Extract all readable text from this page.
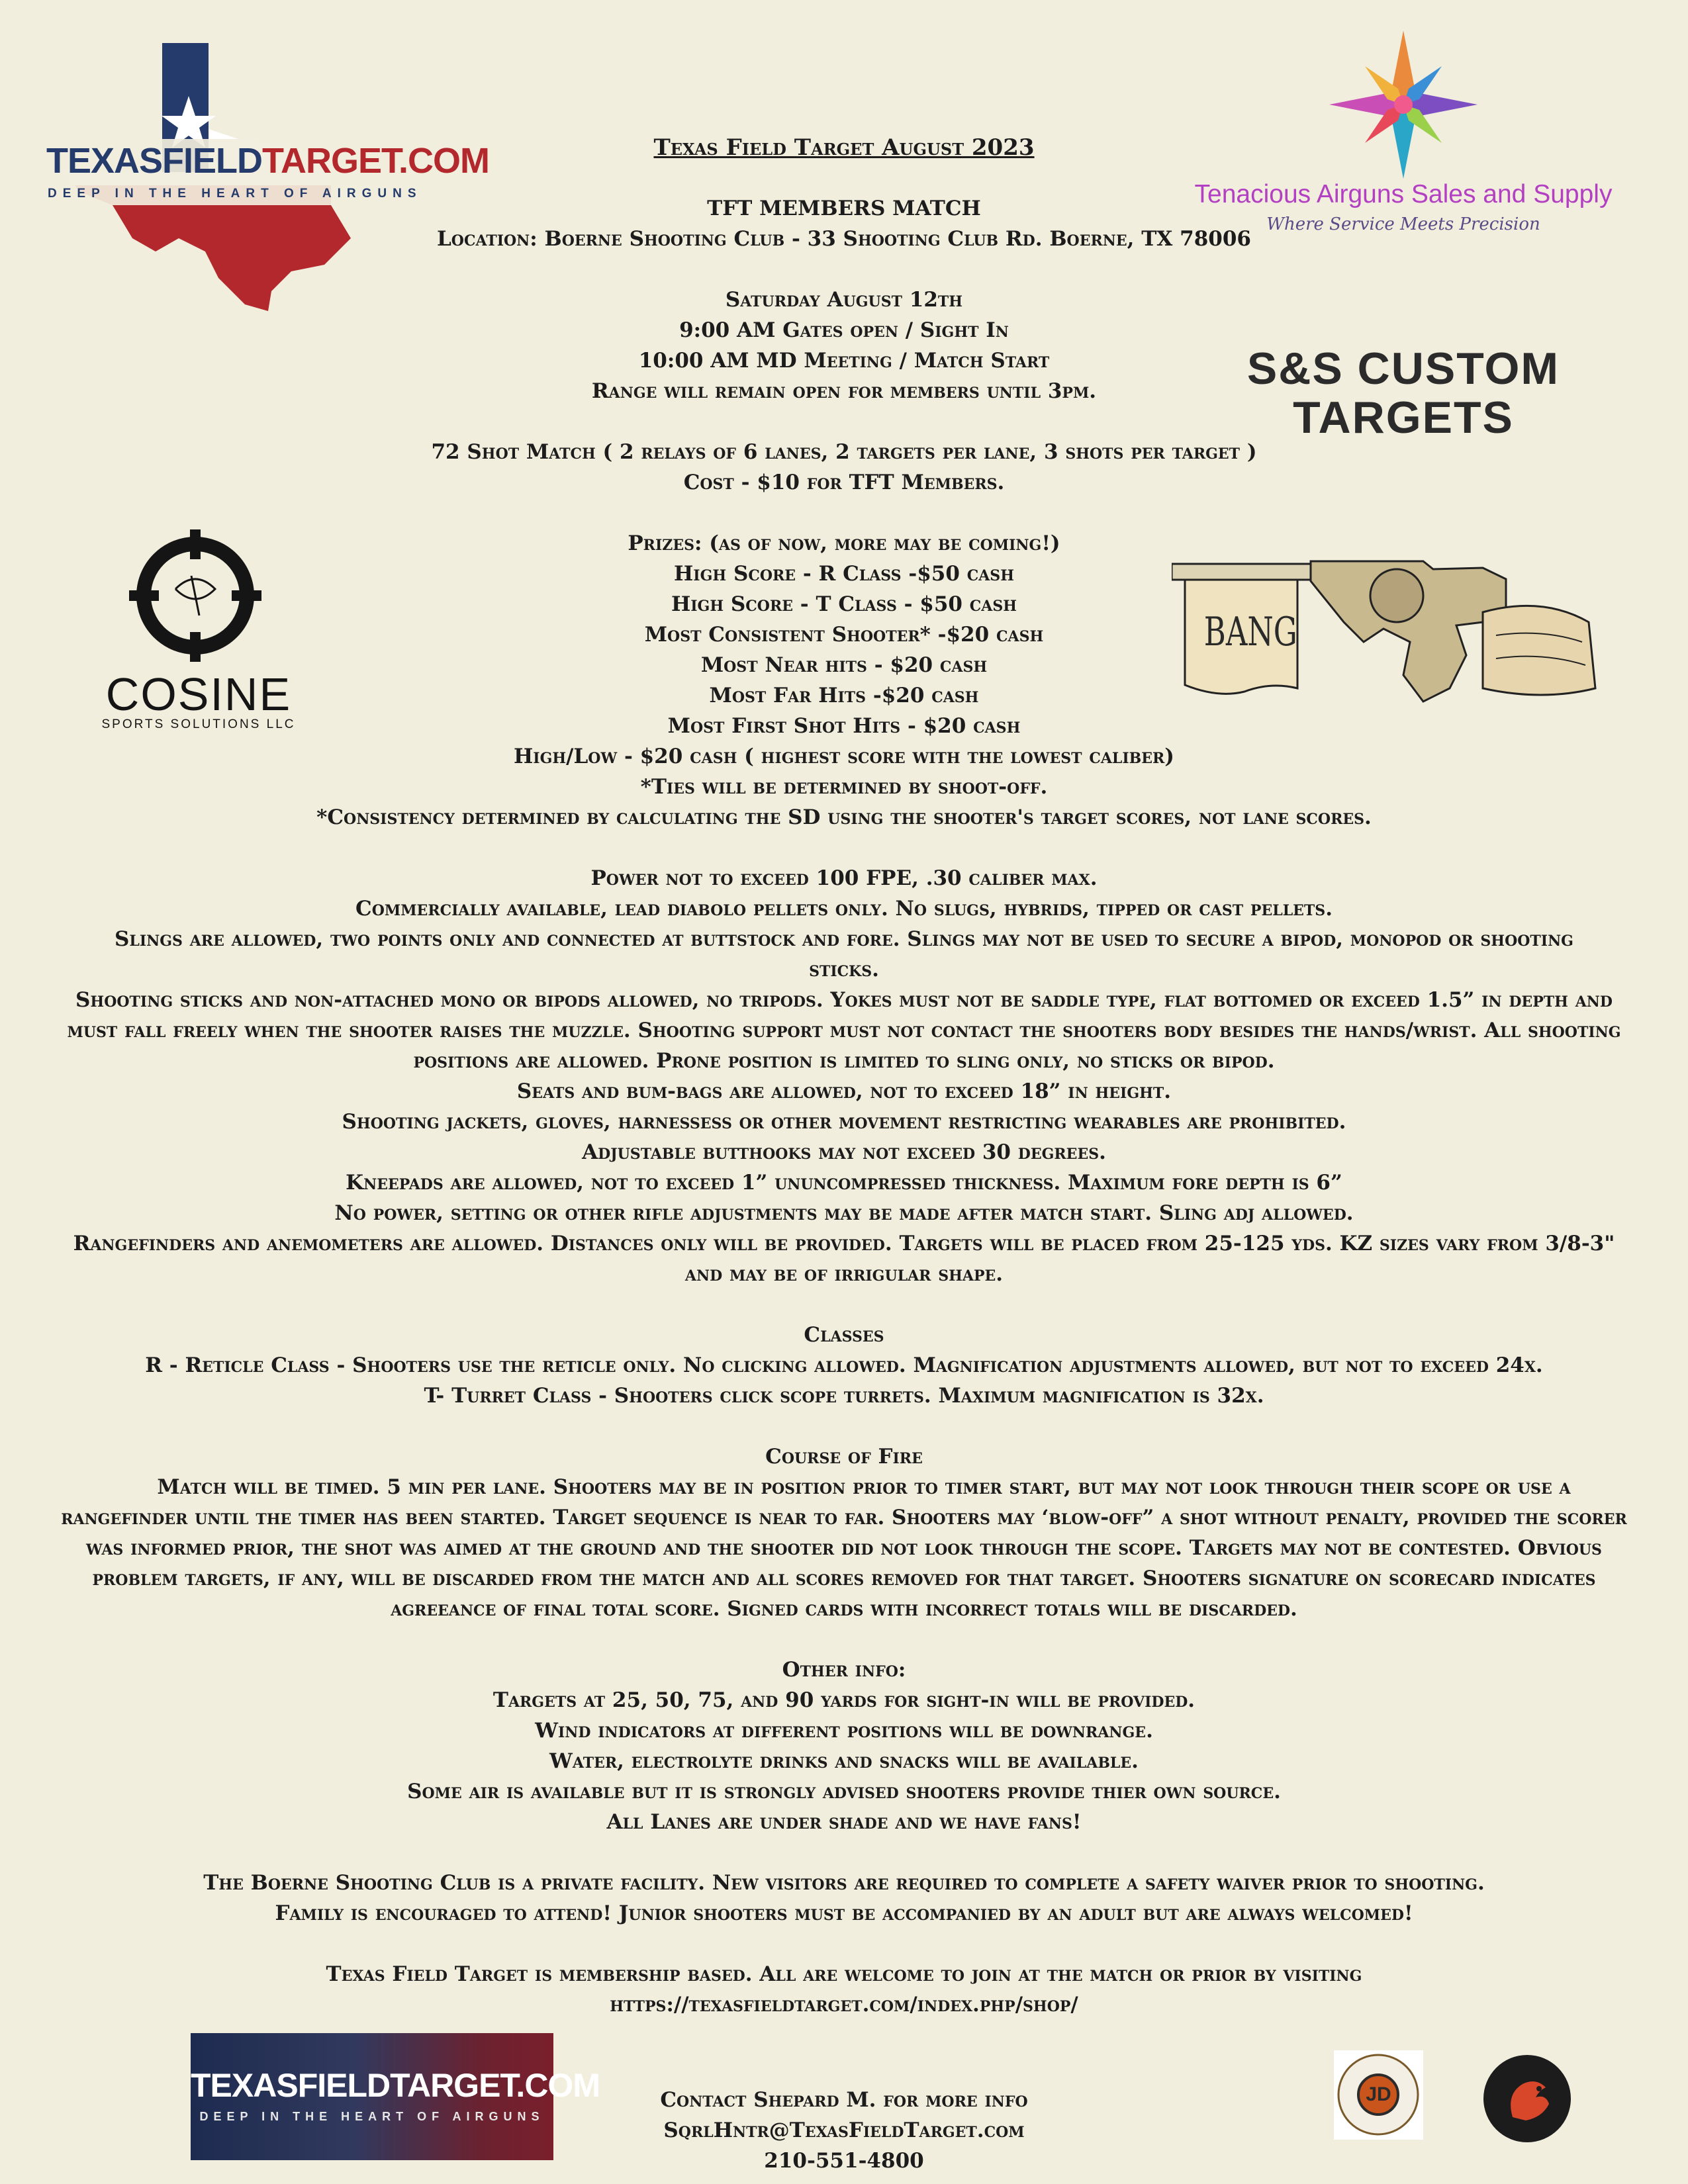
TEXASFIELDTARGET.COM
DEEP IN THE HEART OF AIRGUNS	Tenacious Airguns Sales and Supply
Where Service Meets Precision
S&S CUSTOM
TARGETS
COSINE
SPORTS SOLUTIONS LLC
BANG
TEXASFIELDTARGET.COM
DEEP IN THE HEART OF AIRGUNS
JD
Texas Field Target August 2023
TFT MEMBERS MATCH
Location: Boerne Shooting Club - 33 Shooting Club Rd. Boerne, TX 78006
Saturday August 12th
9:00 AM Gates open / Sight In
10:00 AM MD Meeting / Match Start
Range will remain open for members until 3pm.
72 Shot Match ( 2 relays of 6 lanes, 2 targets per lane, 3 shots per target )
Cost - $10 for TFT Members.
Prizes: (as of now, more may be coming!)
High Score - R Class -$50 cash
High Score - T Class - $50 cash
Most Consistent Shooter* -$20 cash
Most Near hits - $20 cash
Most Far Hits -$20 cash
Most First Shot Hits - $20 cash
High/Low - $20 cash ( highest score with the lowest caliber)
*Ties will be determined by shoot-off.
*Consistency determined by calculating the SD using the shooter's target scores, not lane scores.
Power not to exceed 100 FPE, .30 caliber max.
Commercially available, lead diabolo pellets only. No slugs, hybrids, tipped or cast pellets.
Slings are allowed, two points only and connected at buttstock and fore. Slings may not be used to secure a bipod, monopod or shooting sticks.
Shooting sticks and non-attached mono or bipods allowed, no tripods. Yokes must not be saddle type, flat bottomed or exceed 1.5” in depth and must fall freely when the shooter raises the muzzle. Shooting support must not contact the shooters body besides the hands/wrist. All shooting positions are allowed. Prone position is limited to sling only, no sticks or bipod.
Seats and bum-bags are allowed, not to exceed 18” in height.
Shooting jackets, gloves, harnessess or other movement restricting wearables are prohibited.
Adjustable butthooks may not exceed 30 degrees.
Kneepads are allowed, not to exceed 1” ununcompressed thickness. Maximum fore depth is 6”
No power, setting or other rifle adjustments may be made after match start. Sling adj allowed.
Rangefinders and anemometers are allowed. Distances only will be provided. Targets will be placed from 25-125 yds. KZ sizes vary from 3/8-3" and may be of irrigular shape.
Classes
R - Reticle Class - Shooters use the reticle only. No clicking allowed. Magnification adjustments allowed, but not to exceed 24x.
T- Turret Class - Shooters click scope turrets. Maximum magnification is 32x.
Course of Fire
Match will be timed. 5 min per lane. Shooters may be in position prior to timer start, but may not look through their scope or use a rangefinder until the timer has been started. Target sequence is near to far. Shooters may ‘blow-off” a shot without penalty, provided the scorer was informed prior, the shot was aimed at the ground and the shooter did not look through the scope. Targets may not be contested. Obvious problem targets, if any, will be discarded from the match and all scores removed for that target. Shooters signature on scorecard indicates agreeance of final total score. Signed cards with incorrect totals will be discarded.
Other info:
Targets at 25, 50, 75, and 90 yards for sight-in will be provided.
Wind indicators at different positions will be downrange.
Water, electrolyte drinks and snacks will be available.
Some air is available but it is strongly advised shooters provide thier own source.
All Lanes are under shade and we have fans!
The Boerne Shooting Club is a private facility. New visitors are required to complete a safety waiver prior to shooting.
Family is encouraged to attend! Junior shooters must be accompanied by an adult but are always welcomed!
Texas Field Target is membership based. All are welcome to join at the match or prior by visiting
https://texasfieldtarget.com/index.php/shop/
Contact Shepard M. for more info
SqrlHntr@TexasFieldTarget.com
210-551-4800
